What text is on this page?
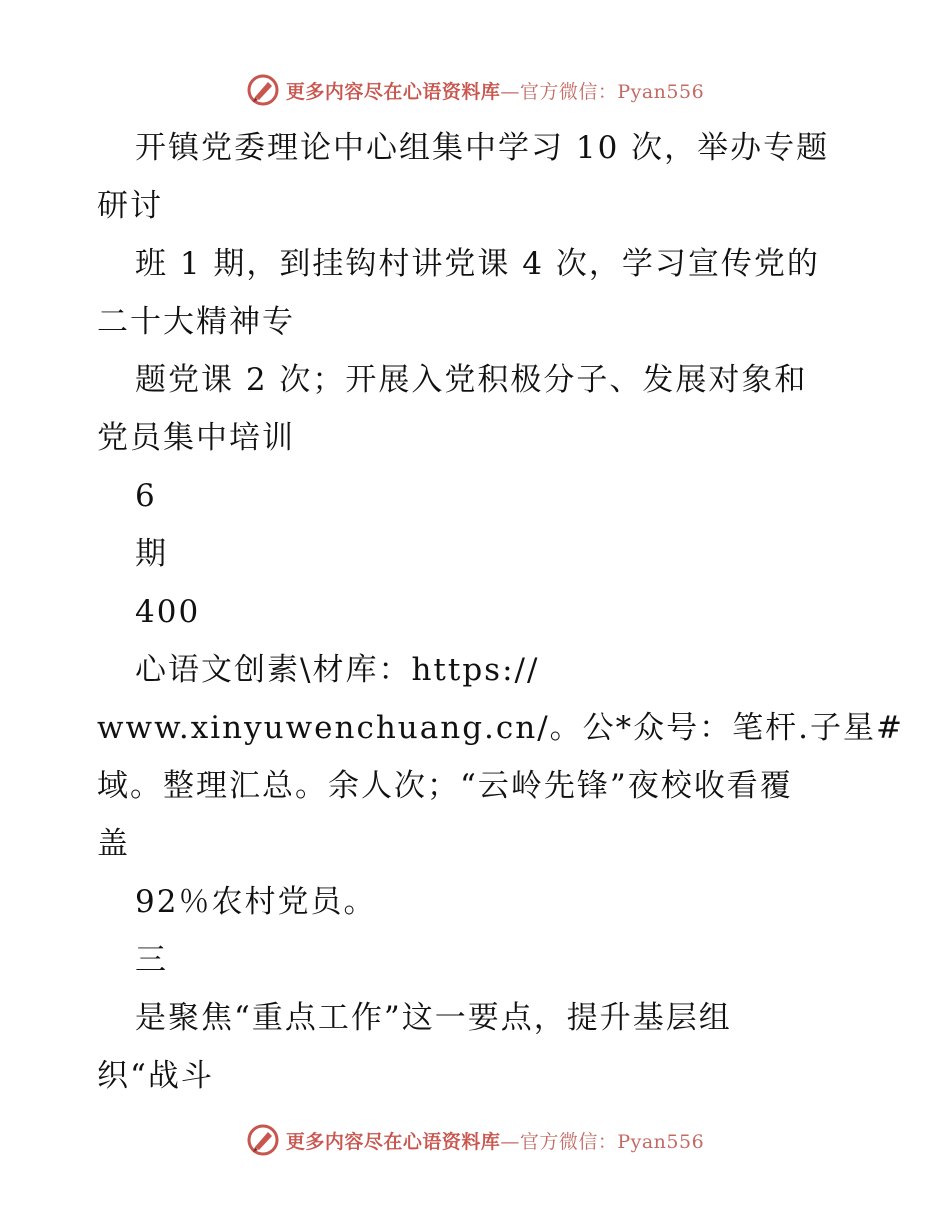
更多内容尽在心语资料库—官方微信：Pyan556
开镇党委理论中心组集中学习 10 次，举办专题
研讨
班 1 期，到挂钩村讲党课 4 次，学习宣传党的
二十大精神专
题党课 2 次；开展入党积极分子、发展对象和
党员集中培训
6
期
400
心语文创素\材库：https://
www.xinyuwenchuang.cn/。公*众号：笔杆.子星#
域。整理汇总。余人次；“云岭先锋”夜校收看覆
盖
92％农村党员。
三
是聚焦“重点工作”这一要点，提升基层组
织“战斗
更多内容尽在心语资料库—官方微信：Pyan556
